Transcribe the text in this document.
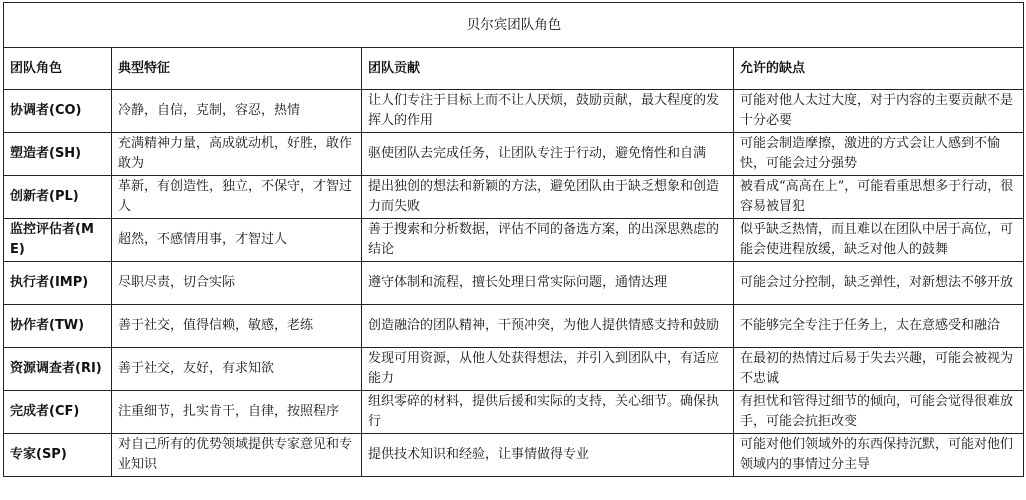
贝尔宾团队角色			
团队角色	典型特征	团队贡献	允许的缺点
协调者(CO)	冷静，自信，克制，容忍，热情	让人们专注于目标上而不让人厌烦，鼓励贡献，最大程度的发挥人的作用	可能对他人太过大度，对于内容的主要贡献不是十分必要
塑造者(SH)	充满精神力量，高成就动机，好胜，敢作敢为	驱使团队去完成任务，让团队专注于行动，避免惰性和自满	可能会制造摩擦，激进的方式会让人感到不愉快，可能会过分强势
创新者(PL)	革新，有创造性，独立，不保守，才智过人	提出独创的想法和新颖的方法，避免团队由于缺乏想象和创造力而失败	被看成“高高在上”，可能看重思想多于行动，很容易被冒犯
监控评估者(ME)	超然，不感情用事，才智过人	善于搜索和分析数据，评估不同的备选方案，的出深思熟虑的结论	似乎缺乏热情，而且难以在团队中居于高位，可能会使进程放缓，缺乏对他人的鼓舞
执行者(IMP)	尽职尽责，切合实际	遵守体制和流程，擅长处理日常实际问题，通情达理	可能会过分控制，缺乏弹性，对新想法不够开放
协作者(TW)	善于社交，值得信赖，敏感，老练	创造融洽的团队精神，干预冲突，为他人提供情感支持和鼓励	不能够完全专注于任务上，太在意感受和融洽
资源调查者(RI)	善于社交，友好，有求知欲	发现可用资源，从他人处获得想法，并引入到团队中，有适应能力	在最初的热情过后易于失去兴趣，可能会被视为不忠诚
完成者(CF)	注重细节，扎实肯干，自律，按照程序	组织零碎的材料，提供后援和实际的支持，关心细节。确保执行	有担忧和管得过细节的倾向，可能会觉得很难放手，可能会抗拒改变
专家(SP)	对自己所有的优势领域提供专家意见和专业知识	提供技术知识和经验，让事情做得专业	可能对他们领域外的东西保持沉默，可能对他们领域内的事情过分主导
